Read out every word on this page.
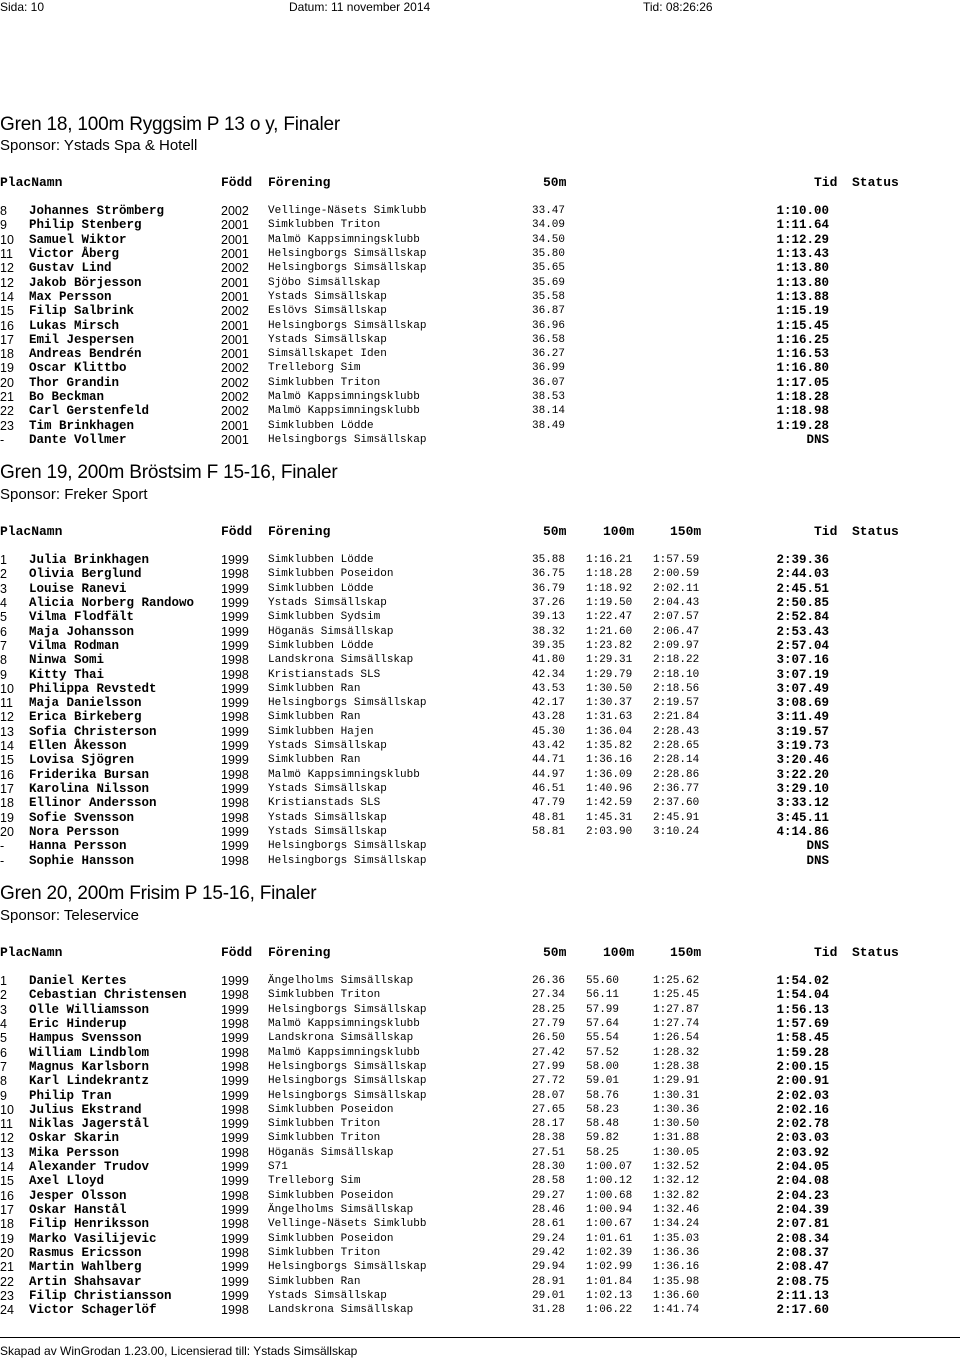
Sida: 10	Datum: 11 november 2014	Tid: 08:26:26
Gren 18, 100m Ryggsim P 13 o y, Finaler
Sponsor: Ystads Spa & Hotell
PlacNamn	Född Förening	50m	Tid Status
8 Johannes Strömberg	2002 Vellinge-Näsets Simklubb	33.47	1:10.00
9 Philip Stenberg	2001 Simklubben Triton	34.09	1:11.64
10 Samuel Wiktor	2001 Malmö Kappsimningsklubb	34.50	1:12.29
11 Victor Åberg	2001 Helsingborgs Simsällskap	35.80	1:13.43
12 Gustav Lind	2002 Helsingborgs Simsällskap	35.65	1:13.80
12 Jakob Börjesson	2001 Sjöbo Simsällskap	35.69	1:13.80
14 Max Persson	2001 Ystads Simsällskap	35.58	1:13.88
15 Filip Salbrink	2002 Eslövs Simsällskap	36.87	1:15.19
16 Lukas Mirsch	2001 Helsingborgs Simsällskap	36.96	1:15.45
17 Emil Jespersen	2001 Ystads Simsällskap	36.58	1:16.25
18 Andreas Bendrén	2001 Simsällskapet Iden	36.27	1:16.53
19 Oscar Klittbo	2002 Trelleborg Sim	36.99	1:16.80
20 Thor Grandin	2002 Simklubben Triton	36.07	1:17.05
21 Bo Beckman	2002 Malmö Kappsimningsklubb	38.53	1:18.28
22 Carl Gerstenfeld	2002 Malmö Kappsimningsklubb	38.14	1:18.98
23 Tim Brinkhagen	2001 Simklubben Lödde	38.49	1:19.28
- Dante Vollmer	2001 Helsingborgs Simsällskap	DNS
Gren 19, 200m Bröstsim F 15-16, Finaler
Sponsor: Freker Sport
PlacNamn	Född Förening	50m	100m	150m	Tid Status
1 Julia Brinkhagen	1999 Simklubben Lödde	35.88 1:16.21 1:57.59	2:39.36
2 Olivia Berglund	1998 Simklubben Poseidon	36.75 1:18.28 2:00.59	2:44.03
3 Louise Ranevi	1999 Simklubben Lödde	36.79 1:18.92 2:02.11	2:45.51
4 Alicia Norberg Randowo 1999 Ystads Simsällskap	37.26 1:19.50 2:04.43	2:50.85
5 Vilma Flodfält	1999 Simklubben Sydsim	39.13 1:22.47 2:07.57	2:52.84
6 Maja Johansson	1999 Höganäs Simsällskap	38.32 1:21.60 2:06.47	2:53.43
7 Vilma Rodman	1999 Simklubben Lödde	39.35 1:23.82 2:09.97	2:57.04
8 Ninwa Somi	1998 Landskrona Simsällskap	41.80 1:29.31 2:18.22	3:07.16
9 Kitty Thai	1998 Kristianstads SLS	42.34 1:29.79 2:18.10	3:07.19
10 Philippa Revstedt	1999 Simklubben Ran	43.53 1:30.50 2:18.56	3:07.49
11 Maja Danielsson	1999 Helsingborgs Simsällskap	42.17 1:30.37 2:19.57	3:08.69
12 Erica Birkeberg	1998 Simklubben Ran	43.28 1:31.63 2:21.84	3:11.49
13 Sofia Christerson	1999 Simklubben Hajen	45.30 1:36.04 2:28.43	3:19.57
14 Ellen Åkesson	1999 Ystads Simsällskap	43.42 1:35.82 2:28.65	3:19.73
15 Lovisa Sjögren	1999 Simklubben Ran	44.71 1:36.16 2:28.14	3:20.46
16 Friderika Bursan	1998 Malmö Kappsimningsklubb	44.97 1:36.09 2:28.86	3:22.20
17 Karolina Nilsson	1999 Ystads Simsällskap	46.51 1:40.96 2:36.77	3:29.10
18 Ellinor Andersson	1998 Kristianstads SLS	47.79 1:42.59 2:37.60	3:33.12
19 Sofie Svensson	1998 Ystads Simsällskap	48.81 1:45.31 2:45.91	3:45.11
20 Nora Persson	1999 Ystads Simsällskap	58.81 2:03.90 3:10.24	4:14.86
- Hanna Persson	1999 Helsingborgs Simsällskap	DNS
- Sophie Hansson	1998 Helsingborgs Simsällskap	DNS
Gren 20, 200m Frisim P 15-16, Finaler
Sponsor: Teleservice
PlacNamn	Född Förening	50m	100m	150m	Tid Status
1 Daniel Kertes	1999 Ängelholms Simsällskap	26.36 55.60	1:25.62	1:54.02
2 Cebastian Christensen	1998 Simklubben Triton	27.34 56.11	1:25.45	1:54.04
3 Olle Williamsson	1999 Helsingborgs Simsällskap	28.25 57.99	1:27.87	1:56.13
4 Eric Hinderup	1998 Malmö Kappsimningsklubb	27.79 57.64	1:27.74	1:57.69
5 Hampus Svensson	1999 Landskrona Simsällskap	26.50 55.54	1:26.54	1:58.45
6 William Lindblom	1998 Malmö Kappsimningsklubb	27.42 57.52	1:28.32	1:59.28
7 Magnus Karlsborn	1998 Helsingborgs Simsällskap	27.99 58.00	1:28.38	2:00.15
8 Karl Lindekrantz	1999 Helsingborgs Simsällskap	27.72 59.01	1:29.91	2:00.91
9 Philip Tran	1999 Helsingborgs Simsällskap	28.07 58.76	1:30.31	2:02.03
10 Julius Ekstrand	1998 Simklubben Poseidon	27.65 58.23	1:30.36	2:02.16
11 Niklas Jagerstål	1999 Simklubben Triton	28.17 58.48	1:30.50	2:02.78
12 Oskar Skarin	1999 Simklubben Triton	28.38 59.82	1:31.88	2:03.03
13 Mika Persson	1998 Höganäs Simsällskap	27.51 58.25	1:30.05	2:03.92
14 Alexander Trudov	1999 S71	28.30 1:00.07 1:32.52	2:04.05
15 Axel Lloyd	1999 Trelleborg Sim	28.58 1:00.12 1:32.12	2:04.08
16 Jesper Olsson	1998 Simklubben Poseidon	29.27 1:00.68 1:32.82	2:04.23
17 Oskar Hanstål	1999 Ängelholms Simsällskap	28.46 1:00.94 1:32.46	2:04.39
18 Filip Henriksson	1998 Vellinge-Näsets Simklubb	28.61 1:00.67 1:34.24	2:07.81
19 Marko Vasilijevic	1999 Simklubben Poseidon	29.24 1:01.61 1:35.03	2:08.34
20 Rasmus Ericsson	1998 Simklubben Triton	29.42 1:02.39 1:36.36	2:08.37
21 Martin Wahlberg	1999 Helsingborgs Simsällskap	29.94 1:02.99 1:36.16	2:08.47
22 Artin Shahsavar	1999 Simklubben Ran	28.91 1:01.84 1:35.98	2:08.75
23 Filip Christiansson	1999 Ystads Simsällskap	29.01 1:02.13 1:36.60	2:11.13
24 Victor Schagerlöf	1998 Landskrona Simsällskap	31.28 1:06.22 1:41.74	2:17.60
Skapad av WinGrodan 1.23.00, Licensierad till: Ystads Simsällskap
